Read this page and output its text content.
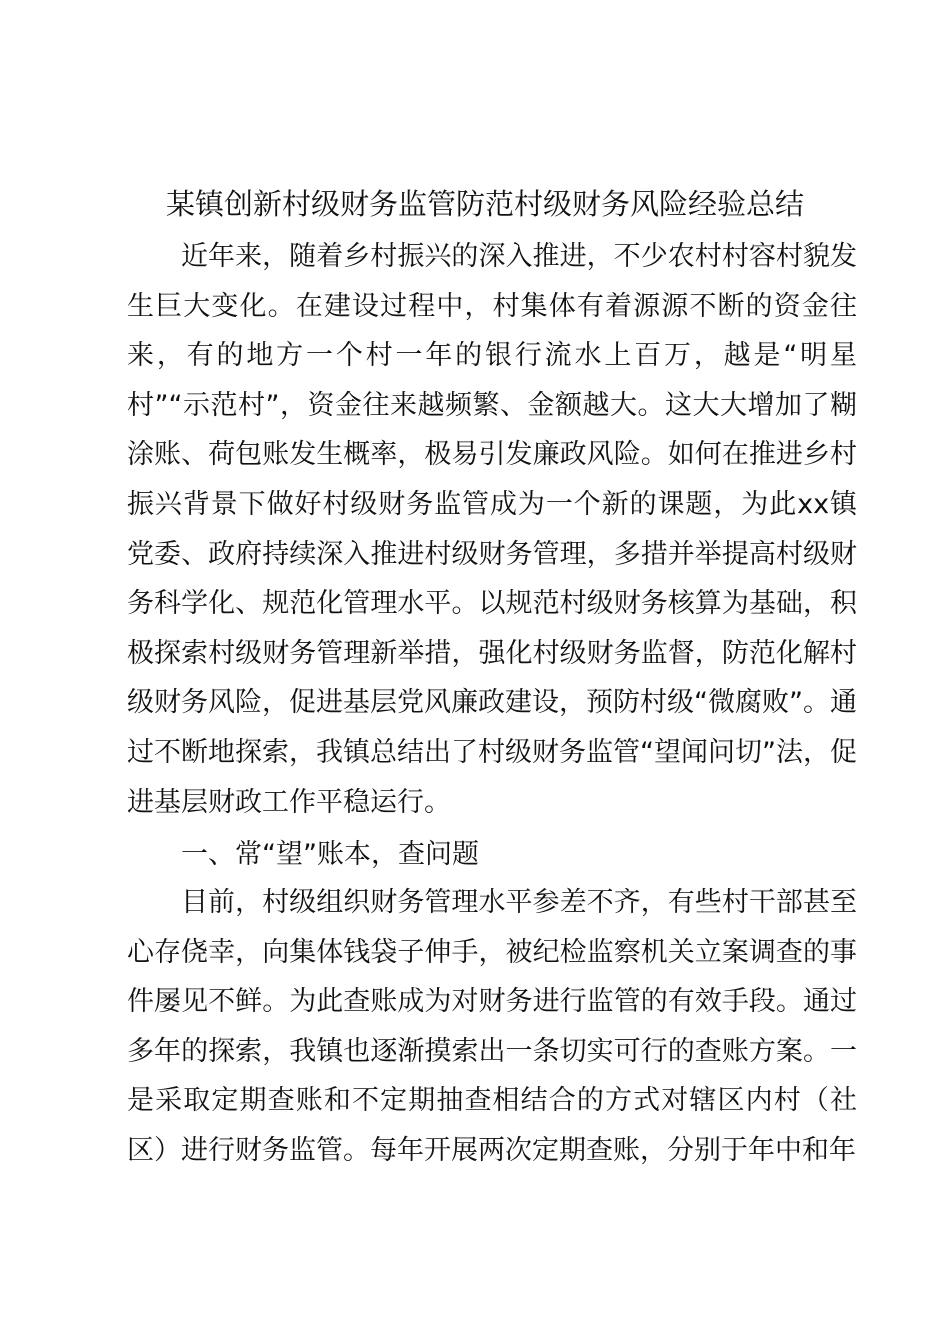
某镇创新村级财务监管防范村级财务风险经验总结
近年来，随着乡村振兴的深入推进，不少农村村容村貌发生巨大变化。在建设过程中，村集体有着源源不断的资金往来，有的地方一个村一年的银行流水上百万，越是“明星村”“示范村”，资金往来越频繁、金额越大。这大大增加了糊涂账、荷包账发生概率，极易引发廉政风险。如何在推进乡村振兴背景下做好村级财务监管成为一个新的课题，为此xx镇党委、政府持续深入推进村级财务管理，多措并举提高村级财务科学化、规范化管理水平。以规范村级财务核算为基础，积极探索村级财务管理新举措，强化村级财务监督，防范化解村级财务风险，促进基层党风廉政建设，预防村级“微腐败”。通过不断地探索，我镇总结出了村级财务监管“望闻问切”法，促进基层财政工作平稳运行。
一、常“望”账本，查问题
目前，村级组织财务管理水平参差不齐，有些村干部甚至心存侥幸，向集体钱袋子伸手，被纪检监察机关立案调查的事件屡见不鲜。为此查账成为对财务进行监管的有效手段。通过多年的探索，我镇也逐渐摸索出一条切实可行的查账方案。一是采取定期查账和不定期抽查相结合的方式对辖区内村（社区）进行财务监管。每年开展两次定期查账，分别于年中和年
